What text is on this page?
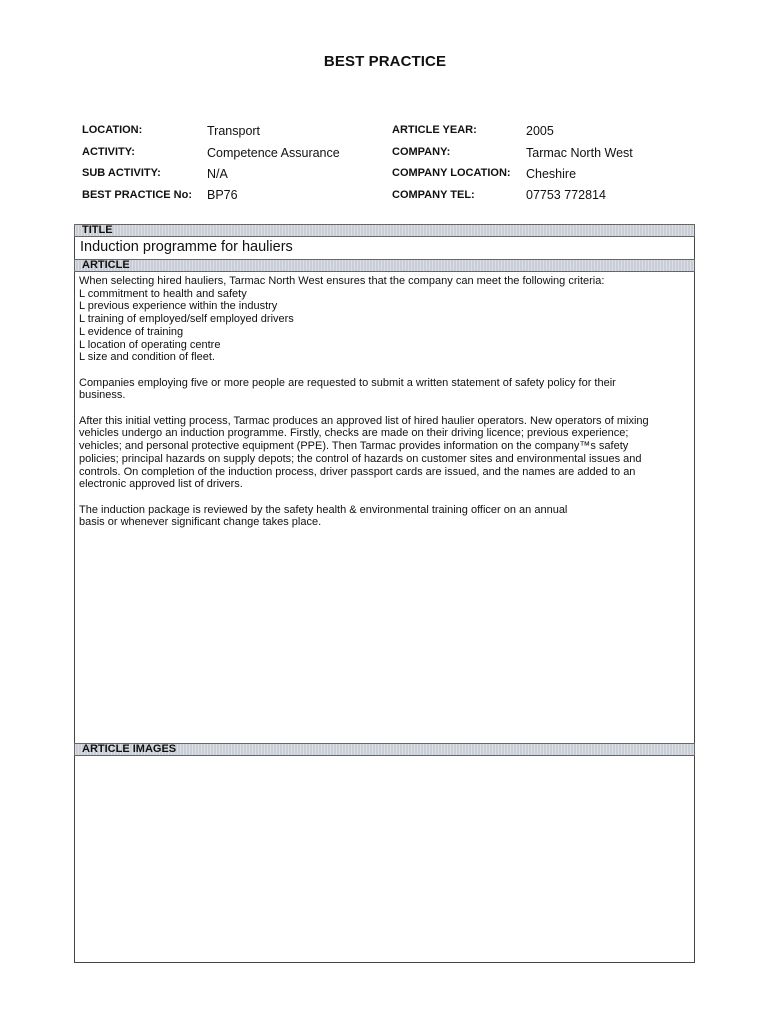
BEST PRACTICE
LOCATION:	Transport
ACTIVITY:	Competence Assurance
SUB ACTIVITY:	N/A
BEST PRACTICE No: BP76
ARTICLE YEAR:	2005
COMPANY:	Tarmac North West
COMPANY LOCATION: Cheshire
COMPANY TEL:	07753 772814
TITLE
Induction programme for hauliers
ARTICLE

When selecting hired hauliers, Tarmac North West ensures that the company can meet the following criteria:

L commitment to health and safety

L previous experience within the industry

L training of employed/self employed drivers

L evidence of training

L location of operating centre

L size and condition of fleet.

Companies employing five or more people are requested to submit a written statement of safety policy for their

business.

After this initial vetting process, Tarmac produces an approved list of hired haulier operators. New operators of mixing

vehicles undergo an induction programme. Firstly, checks are made on their driving licence; previous experience;

vehicles; and personal protective equipment (PPE). Then Tarmac provides information on the company™s safety

policies; principal hazards on supply depots; the control of hazards on customer sites and environmental issues and

controls. On completion of the induction process, driver passport cards are issued, and the names are added to an

electronic approved list of drivers.

The induction package is reviewed by the safety health & environmental training officer on an annual

basis or whenever significant change takes place.

ARTICLE IMAGES
